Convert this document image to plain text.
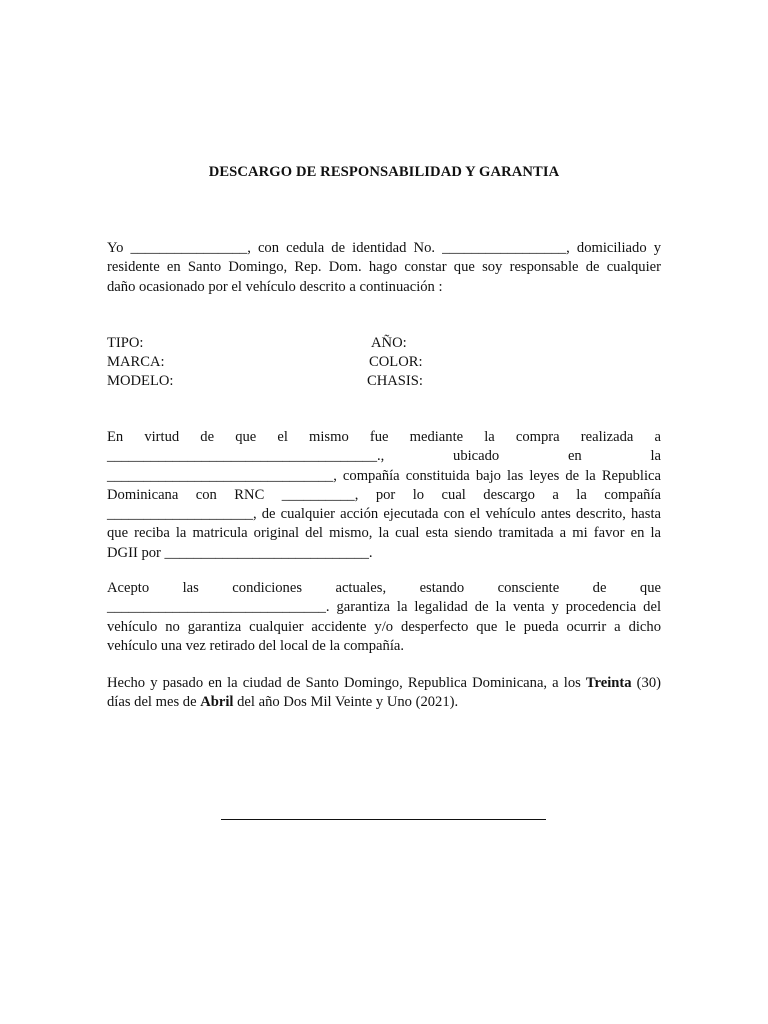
DESCARGO DE RESPONSABILIDAD Y GARANTIA
Yo ________________, con cedula de identidad No. _________________, domiciliado y
residente en Santo Domingo, Rep. Dom. hago constar que soy responsable de cualquier
daño ocasionado por el vehículo descrito a continuación :
TIPO:	AÑO:
MARCA:	COLOR:
MODELO:	CHASIS:
En virtud de que el mismo fue mediante la compra realizada a
_____________________________________., ubicado en la
_______________________________, compañía constituida bajo las leyes de la Republica
Dominicana con RNC __________, por lo cual descargo a la compañía
____________________, de cualquier acción ejecutada con el vehículo antes descrito, hasta
que reciba la matricula original del mismo, la cual esta siendo tramitada a mi favor en la
DGII por ____________________________.
Acepto las condiciones actuales, estando consciente de que
______________________________. garantiza la legalidad de la venta y procedencia del
vehículo no garantiza cualquier accidente y/o desperfecto que le pueda ocurrir a dicho
vehículo una vez retirado del local de la compañía.
Hecho y pasado en la ciudad de Santo Domingo, Republica Dominicana, a los Treinta (30)
días del mes de Abril del año Dos Mil Veinte y Uno (2021).
